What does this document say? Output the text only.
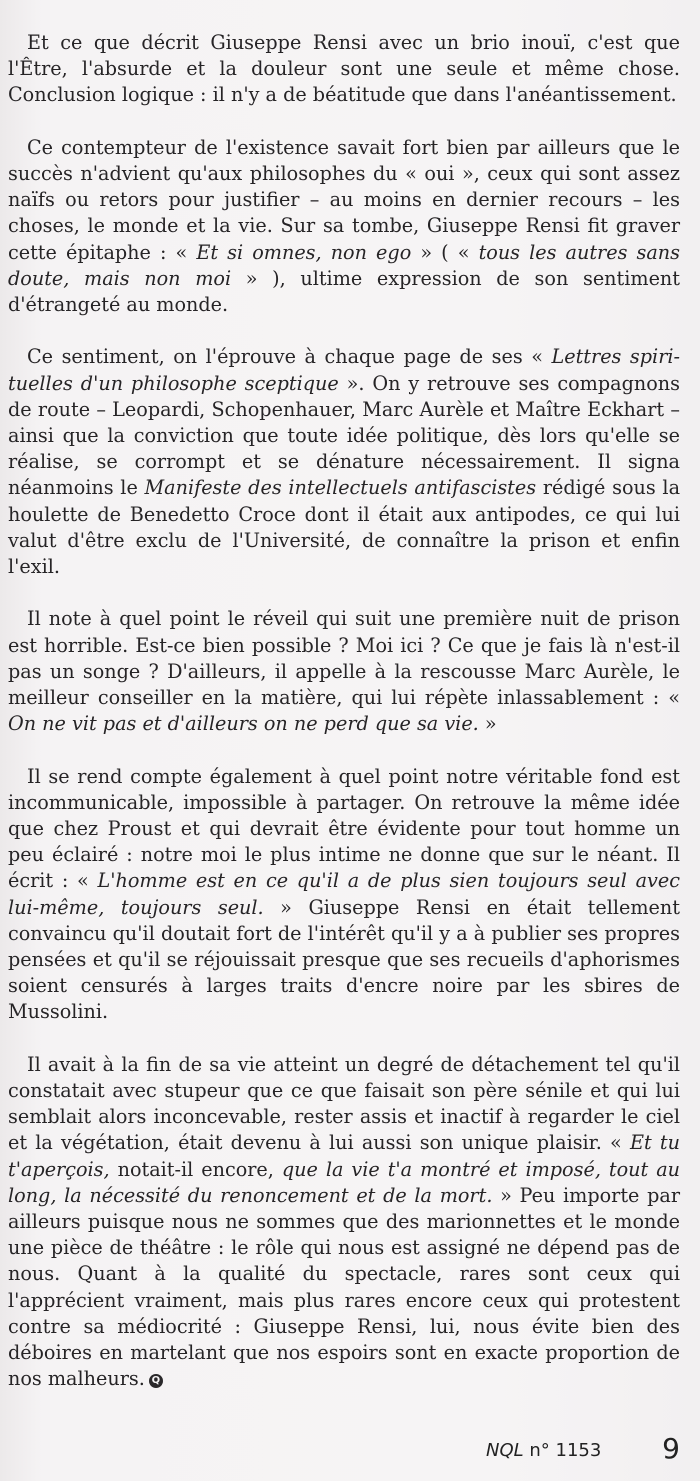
Et ce que décrit Giuseppe Rensi avec un brio inouï, c'est que l'Être, l'absurde et la douleur sont une seule et même chose. Conclusion logique : il n'y a de béatitude que dans l'anéantissement.

Ce contempteur de l'existence savait fort bien par ailleurs que le succès n'advient qu'aux philosophes du « oui », ceux qui sont assez naïfs ou retors pour justifier – au moins en dernier recours – les choses, le monde et la vie. Sur sa tombe, Giuseppe Rensi fit graver cette épitaphe : « Et si omnes, non ego » ( « tous les autres sans doute, mais non moi » ), ultime expression de son sentiment d'étrangeté au monde.

Ce sentiment, on l'éprouve à chaque page de ses « Lettres spirituelles d'un philosophe sceptique ». On y retrouve ses compagnons de route – Leopardi, Schopenhauer, Marc Aurèle et Maître Eckhart – ainsi que la conviction que toute idée politique, dès lors qu'elle se réalise, se corrompt et se dénature nécessairement. Il signa néanmoins le Manifeste des intellectuels antifascistes rédigé sous la houlette de Benedetto Croce dont il était aux antipodes, ce qui lui valut d'être exclu de l'Université, de connaître la prison et enfin l'exil.

Il note à quel point le réveil qui suit une première nuit de prison est horrible. Est-ce bien possible ? Moi ici ? Ce que je fais là n'est-il pas un songe ? D'ailleurs, il appelle à la rescousse Marc Aurèle, le meilleur conseiller en la matière, qui lui répète inlassablement : « On ne vit pas et d'ailleurs on ne perd que sa vie. »

Il se rend compte également à quel point notre véritable fond est incommunicable, impossible à partager. On retrouve la même idée que chez Proust et qui devrait être évidente pour tout homme un peu éclairé : notre moi le plus intime ne donne que sur le néant. Il écrit : « L'homme est en ce qu'il a de plus sien toujours seul avec lui-même, toujours seul. » Giuseppe Rensi en était tellement convaincu qu'il doutait fort de l'intérêt qu'il y a à publier ses propres pensées et qu'il se réjouissait presque que ses recueils d'aphorismes soient censurés à larges traits d'encre noire par les sbires de Mussolini.

Il avait à la fin de sa vie atteint un degré de détachement tel qu'il constatait avec stupeur que ce que faisait son père sénile et qui lui semblait alors inconcevable, rester assis et inactif à regarder le ciel et la végétation, était devenu à lui aussi son unique plaisir. « Et tu t'aperçois, notait-il encore, que la vie t'a montré et imposé, tout au long, la nécessité du renoncement et de la mort. » Peu importe par ailleurs puisque nous ne sommes que des marionnettes et le monde une pièce de théâtre : le rôle qui nous est assigné ne dépend pas de nous. Quant à la qualité du spectacle, rares sont ceux qui l'apprécient vraiment, mais plus rares encore ceux qui protestent contre sa médiocrité : Giuseppe Rensi, lui, nous évite bien des déboires en martelant que nos espoirs sont en exacte proportion de nos malheurs. Q

NQL n° 1153 9
